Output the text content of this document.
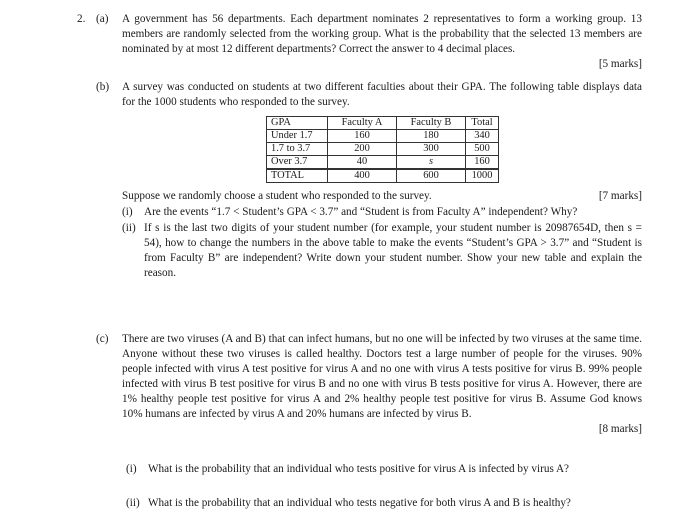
2. (a) A government has 56 departments. Each department nominates 2 representatives to form a working group. 13 members are randomly selected from the working group. What is the probability that the selected 13 members are nominated by at most 12 different departments? Correct the answer to 4 decimal places.
[5 marks]
(b) A survey was conducted on students at two different faculties about their GPA. The following table displays data for the 1000 students who responded to the survey.
GPA	Faculty A	Faculty B	Total
Under 1.7	160	180	340
1.7 to 3.7	200	300	500
Over 3.7	40	s	160
TOTAL	400	600	1000
Suppose we randomly choose a student who responded to the survey.	[7 marks]
(i) Are the events “1.7 < Student’s GPA < 3.7” and “Student is from Faculty A” independent? Why?
(ii) If s is the last two digits of your student number (for example, your student number is 20987654D, then s = 54), how to change the numbers in the above table to make the events “Student’s GPA > 3.7” and “Student is from Faculty B” are independent? Write down your student number. Show your new table and explain the reason.
(c) There are two viruses (A and B) that can infect humans, but no one will be infected by two viruses at the same time. Anyone without these two viruses is called healthy. Doctors test a large number of people for the viruses. 90% people infected with virus A test positive for virus A and no one with virus A tests positive for virus B. 99% people infected with virus B test positive for virus B and no one with virus B tests positive for virus A. However, there are 1% healthy people test positive for virus A and 2% healthy people test positive for virus B. Assume God knows 10% humans are infected by virus A and 20% humans are infected by virus B.
[8 marks]
(i)	What is the probability that an individual who tests positive for virus A is infected by virus A?
(ii) What is the probability that an individual who tests negative for both virus A and B is healthy?
